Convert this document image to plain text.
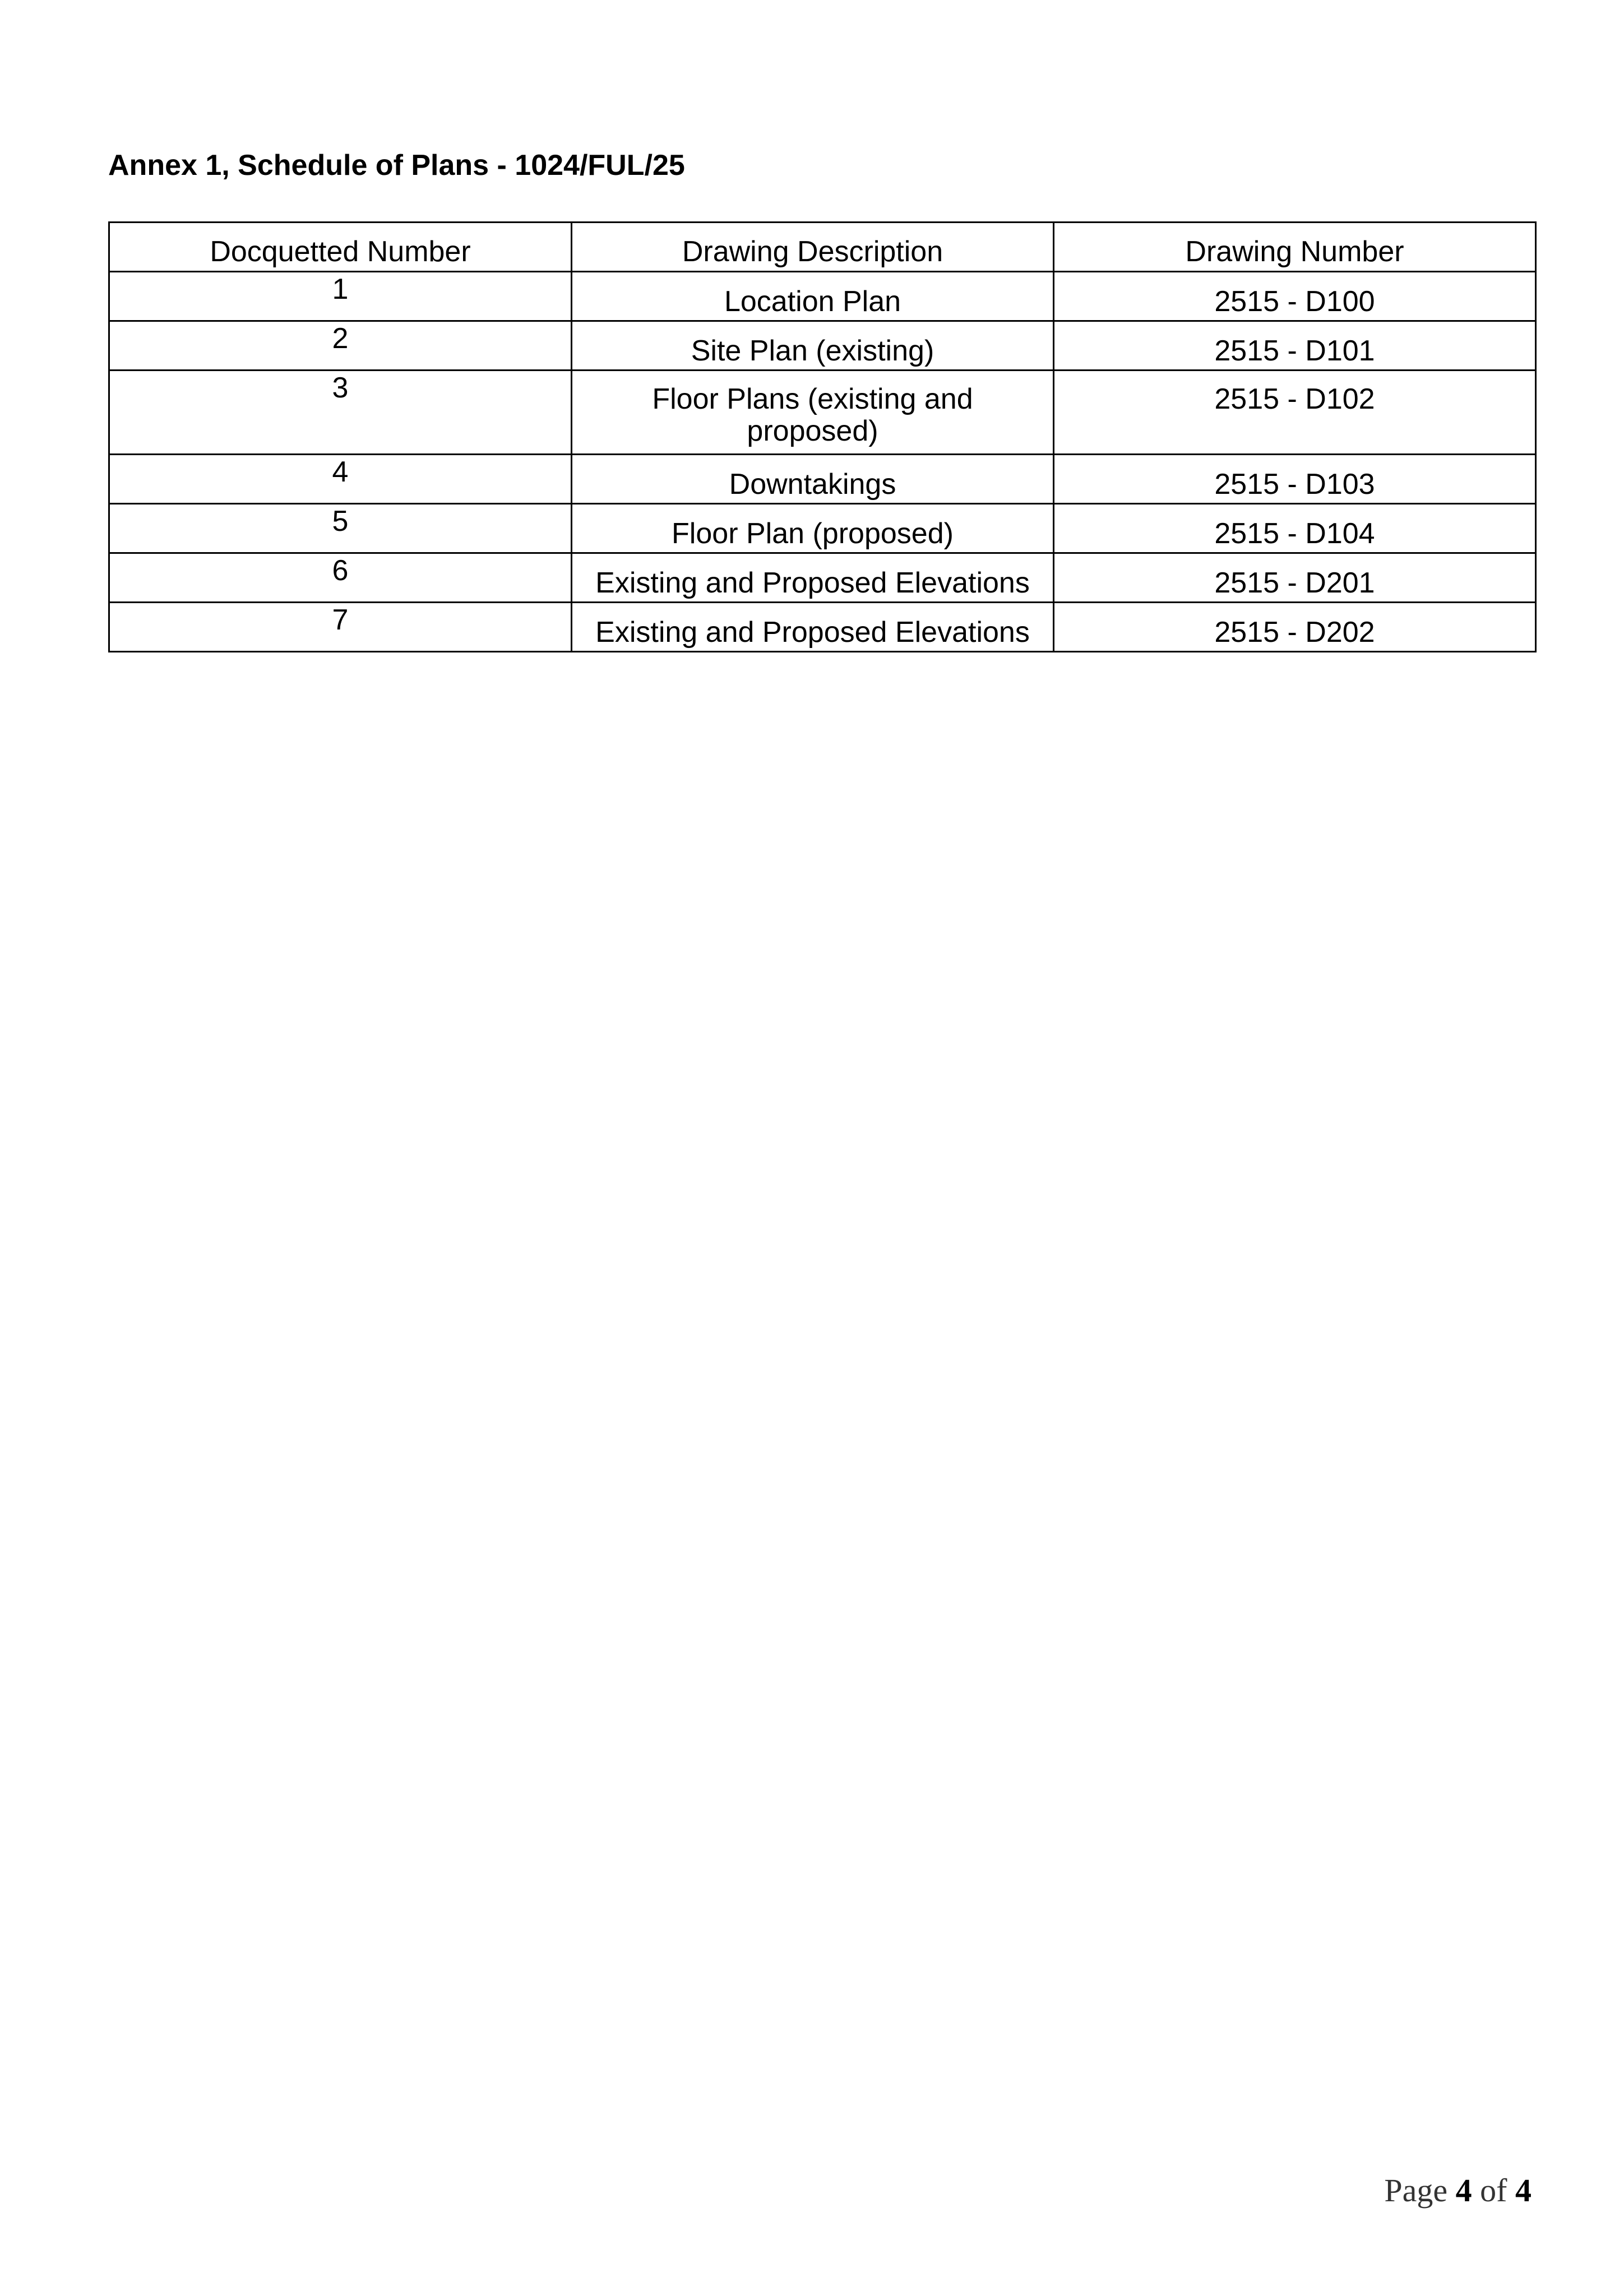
Annex 1, Schedule of Plans - 1024/FUL/25
Docquetted Number	Drawing Description	Drawing Number
1	Location Plan	2515 - D100
2	Site Plan (existing)	2515 - D101
3	Floor Plans (existing and proposed)	2515 - D102
4	Downtakings	2515 - D103
5	Floor Plan (proposed)	2515 - D104
6	Existing and Proposed Elevations	2515 - D201
7	Existing and Proposed Elevations	2515 - D202
Page 4 of 4
